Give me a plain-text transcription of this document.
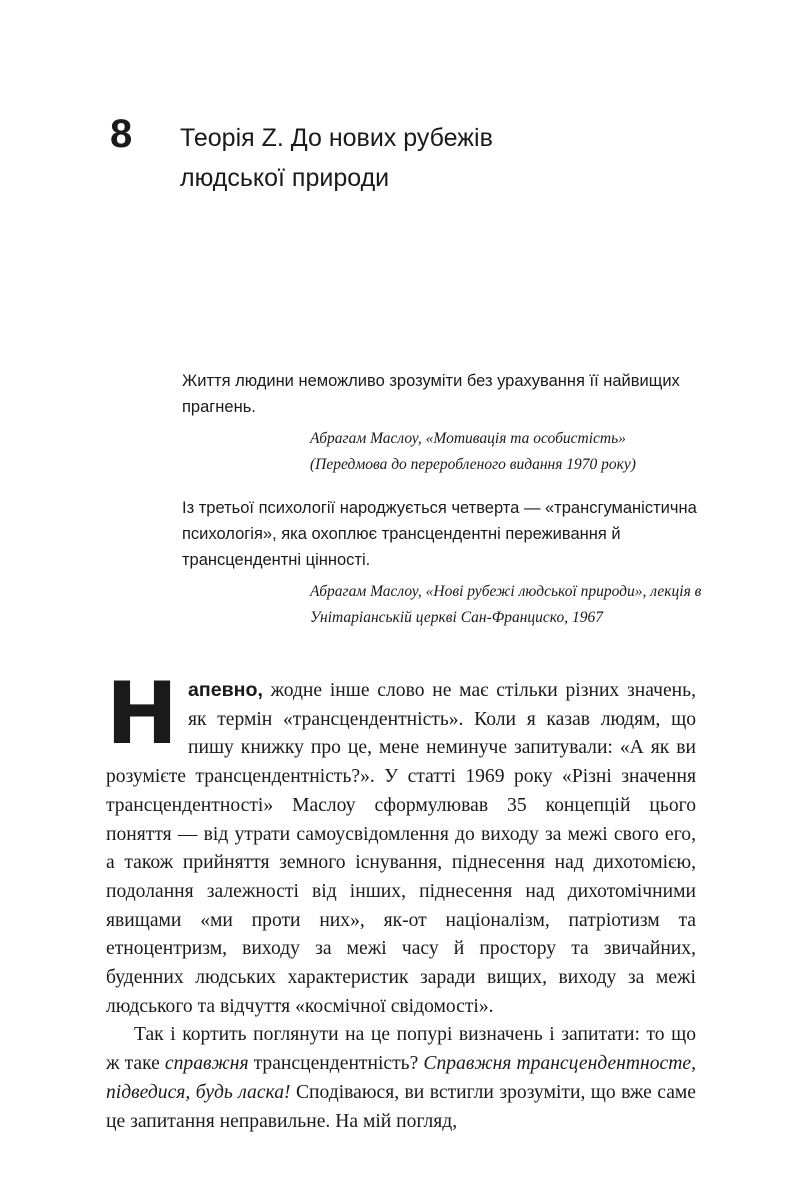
8 Теорія Z. До нових рубежів
людської природи

Життя людини неможливо зрозуміти без урахування її найвищих прагнень.

Абрагам Маслоу, «Мотивація та особистість» (Передмова до переробленого видання 1970 року)

Із третьої психології народжується четверта — «трансгуманістична психологія», яка охоплює трансцендентні переживання й трансцендентні цінності.

Абрагам Маслоу, «Нові рубежі людської природи», лекція в Унітаріанській церкві Сан-Франциско, 1967

Напевно, жодне інше слово не має стільки різних значень, як термін «трансцендентність». Коли я казав людям, що пишу книжку про це, мене неминуче запитували: «А як ви розумієте трансцендентність?». У статті 1969 року «Різні значення трансцендентності» Маслоу сформулював 35 концепцій цього поняття — від утрати самоусвідомлення до виходу за межі свого его, а також прийняття земного існування, піднесення над дихотомією, подолання залежності від інших, піднесення над дихотомічними явищами «ми проти них», як-от націоналізм, патріотизм та етноцентризм, виходу за межі часу й простору та звичайних, буденних людських характеристик заради вищих, виходу за межі людського та відчуття «космічної свідомості».

Так і кортить поглянути на це попурі визначень і запитати: то що ж таке справжня трансцендентність? Справжня трансцендентносте, підведися, будь ласка! Сподіваюся, ви встигли зрозуміти, що вже саме це запитання неправильне. На мій погляд,
